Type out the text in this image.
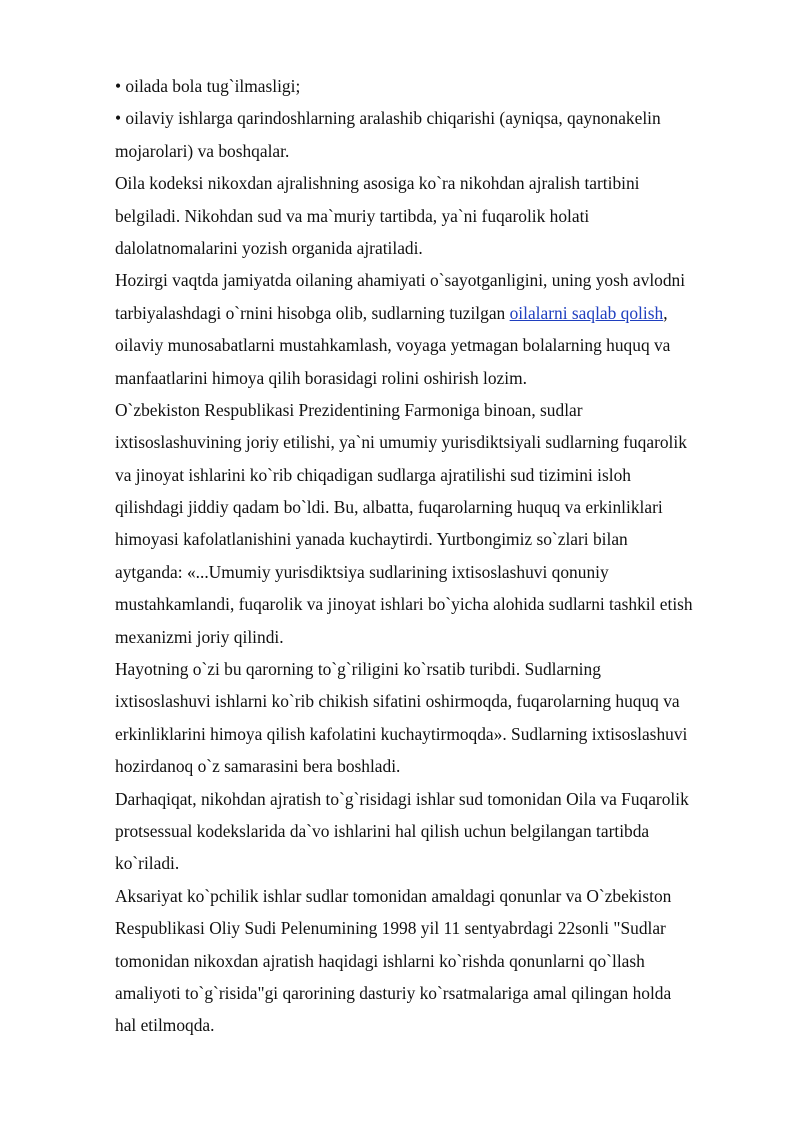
• oilada bola tug`ilmasligi;
• oilaviy ishlarga qarindoshlarning aralashib chiqarishi (ayniqsa, qaynonakelin
mojarolari) va boshqalar.
Oila kodeksi nikoxdan ajralishning asosiga ko`ra nikohdan ajralish tartibini
belgiladi. Nikohdan sud va ma`muriy tartibda, ya`ni fuqarolik holati
dalolatnomalarini yozish organida ajratiladi.
Hozirgi vaqtda jamiyatda oilaning ahamiyati o`sayotganligini, uning yosh avlodni
tarbiyalashdagi o`rnini hisobga olib, sudlarning tuzilgan oilalarni saqlab qolish,
oilaviy munosabatlarni mustahkamlash, voyaga yetmagan bolalarning huquq va
manfaatlarini himoya qilih borasidagi rolini oshirish lozim.
O`zbekiston Respublikasi Prezidentining Farmoniga binoan, sudlar
ixtisoslashuvining joriy etilishi, ya`ni umumiy yurisdiktsiyali sudlarning fuqarolik
va jinoyat ishlarini ko`rib chiqadigan sudlarga ajratilishi sud tizimini isloh
qilishdagi jiddiy qadam bo`ldi. Bu, albatta, fuqarolarning huquq va erkinliklari
himoyasi kafolatlanishini yanada kuchaytirdi. Yurtbongimiz so`zlari bilan
aytganda: «...Umumiy yurisdiktsiya sudlarining ixtisoslashuvi qonuniy
mustahkamlandi, fuqarolik va jinoyat ishlari bo`yicha alohida sudlarni tashkil etish
mexanizmi joriy qilindi.
Hayotning o`zi bu qarorning to`g`riligini ko`rsatib turibdi. Sudlarning
ixtisoslashuvi ishlarni ko`rib chikish sifatini oshirmoqda, fuqarolarning huquq va
erkinliklarini himoya qilish kafolatini kuchaytirmoqda». Sudlarning ixtisoslashuvi
hozirdanoq o`z samarasini bera boshladi.
Darhaqiqat, nikohdan ajratish to`g`risidagi ishlar sud tomonidan Oila va Fuqarolik
protsessual kodekslarida da`vo ishlarini hal qilish uchun belgilangan tartibda
ko`riladi.
Aksariyat ko`pchilik ishlar sudlar tomonidan amaldagi qonunlar va O`zbekiston
Respublikasi Oliy Sudi Pelenumining 1998 yil 11 sentyabrdagi 22sonli "Sudlar
tomonidan nikoxdan ajratish haqidagi ishlarni ko`rishda qonunlarni qo`llash
amaliyoti to`g`risida"gi qarorining dasturiy ko`rsatmalariga amal qilingan holda
hal etilmoqda.
